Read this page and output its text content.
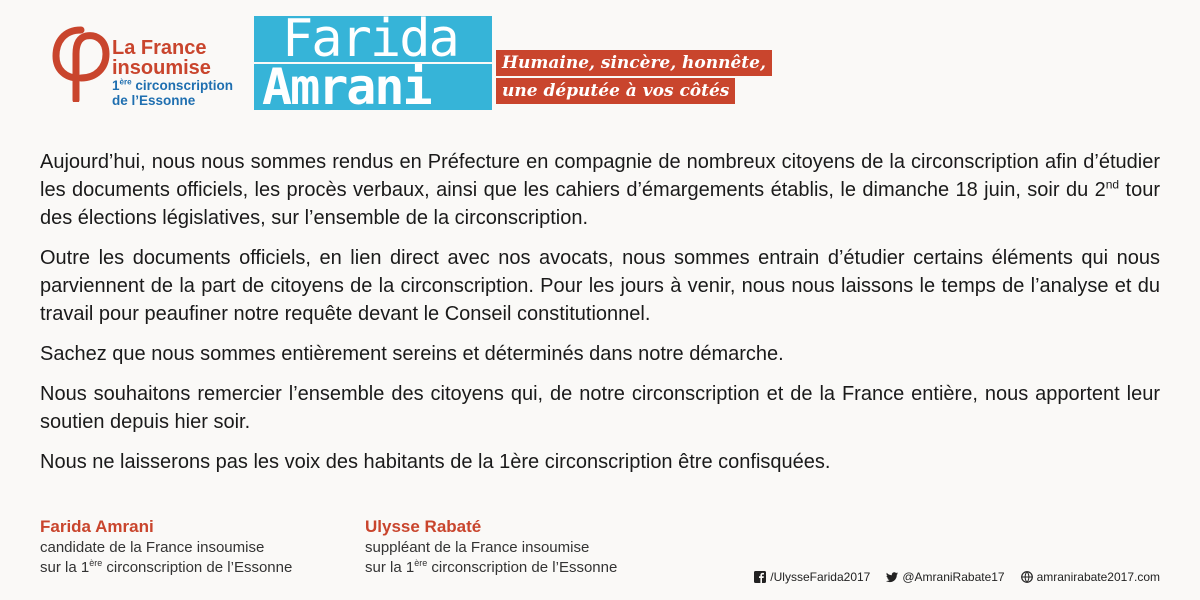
La France
insoumise
1ère circonscription
de l’Essonne
Farida
Amrani	Humaine, sincère, honnête,
une députée à vos côtés

Aujourd’hui, nous nous sommes rendus en Préfecture en compagnie de nombreux citoyens de la circonscription afin d’étudier les documents officiels, les procès verbaux, ainsi que les cahiers d’émargements établis, le dimanche 18 juin, soir du 2nd tour des élections législatives, sur l’ensemble de la circonscription.

Outre les documents officiels, en lien direct avec nos avocats, nous sommes entrain d’étudier certains éléments qui nous parviennent de la part de citoyens de la circonscription. Pour les jours à venir, nous nous laissons le temps de l’analyse et du travail pour peaufiner notre requête devant le Conseil constitutionnel.

Sachez que nous sommes entièrement sereins et déterminés dans notre démarche.

Nous souhaitons remercier l’ensemble des citoyens qui, de notre circonscription et de la France entière, nous apportent leur soutien depuis hier soir.

Nous ne laisserons pas les voix des habitants de la 1ère circonscription être confisquées.

Farida Amrani
candidate de la France insoumise
sur la 1ère circonscription de l’Essonne
Ulysse Rabaté
suppléant de la France insoumise
sur la 1ère circonscription de l’Essonne
/UlysseFarida2017	@AmraniRabate17	amranirabate2017.com
